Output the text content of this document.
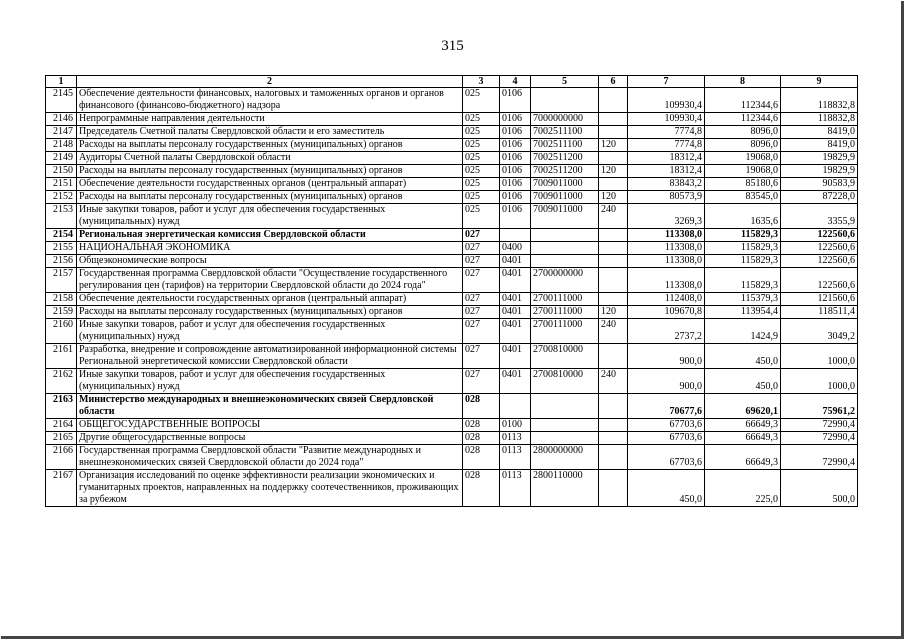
315
1	2	3	4	5	6	7	8	9
2145	Обеспечение деятельности финансовых, налоговых и таможенных органов и органов финансового (финансово-бюджетного) надзора	025	0106			109930,4	112344,6	118832,8
2146	Непрограммные направления деятельности	025	0106	7000000000		109930,4	112344,6	118832,8
2147	Председатель Счетной палаты Свердловской области и его заместитель	025	0106	7002511100		7774,8	8096,0	8419,0
2148	Расходы на выплаты персоналу государственных (муниципальных) органов	025	0106	7002511100	120	7774,8	8096,0	8419,0
2149	Аудиторы Счетной палаты Свердловской области	025	0106	7002511200		18312,4	19068,0	19829,9
2150	Расходы на выплаты персоналу государственных (муниципальных) органов	025	0106	7002511200	120	18312,4	19068,0	19829,9
2151	Обеспечение деятельности государственных органов (центральный аппарат)	025	0106	7009011000		83843,2	85180,6	90583,9
2152	Расходы на выплаты персоналу государственных (муниципальных) органов	025	0106	7009011000	120	80573,9	83545,0	87228,0
2153	Иные закупки товаров, работ и услуг для обеспечения государственных (муниципальных) нужд	025	0106	7009011000	240	3269,3	1635,6	3355,9
2154	Региональная энергетическая комиссия Свердловской области	027				113308,0	115829,3	122560,6
2155	НАЦИОНАЛЬНАЯ ЭКОНОМИКА	027	0400			113308,0	115829,3	122560,6
2156	Общеэкономические вопросы	027	0401			113308,0	115829,3	122560,6
2157	Государственная программа Свердловской области "Осуществление государственного регулирования цен (тарифов) на территории Свердловской области до 2024 года"	027	0401	2700000000		113308,0	115829,3	122560,6
2158	Обеспечение деятельности государственных органов (центральный аппарат)	027	0401	2700111000		112408,0	115379,3	121560,6
2159	Расходы на выплаты персоналу государственных (муниципальных) органов	027	0401	2700111000	120	109670,8	113954,4	118511,4
2160	Иные закупки товаров, работ и услуг для обеспечения государственных (муниципальных) нужд	027	0401	2700111000	240	2737,2	1424,9	3049,2
2161	Разработка, внедрение и сопровождение автоматизированной информационной системы Региональной энергетической комиссии Свердловской области	027	0401	2700810000		900,0	450,0	1000,0
2162	Иные закупки товаров, работ и услуг для обеспечения государственных (муниципальных) нужд	027	0401	2700810000	240	900,0	450,0	1000,0
2163	Министерство международных и внешнеэкономических связей Свердловской области	028				70677,6	69620,1	75961,2
2164	ОБЩЕГОСУДАРСТВЕННЫЕ ВОПРОСЫ	028	0100			67703,6	66649,3	72990,4
2165	Другие общегосударственные вопросы	028	0113			67703,6	66649,3	72990,4
2166	Государственная программа Свердловской области "Развитие международных и внешнеэкономических связей Свердловской области до 2024 года"	028	0113	2800000000		67703,6	66649,3	72990,4
2167	Организация исследований по оценке эффективности реализации экономических и гуманитарных проектов, направленных на поддержку соотечественников, проживающих за рубежом	028	0113	2800110000		450,0	225,0	500,0
